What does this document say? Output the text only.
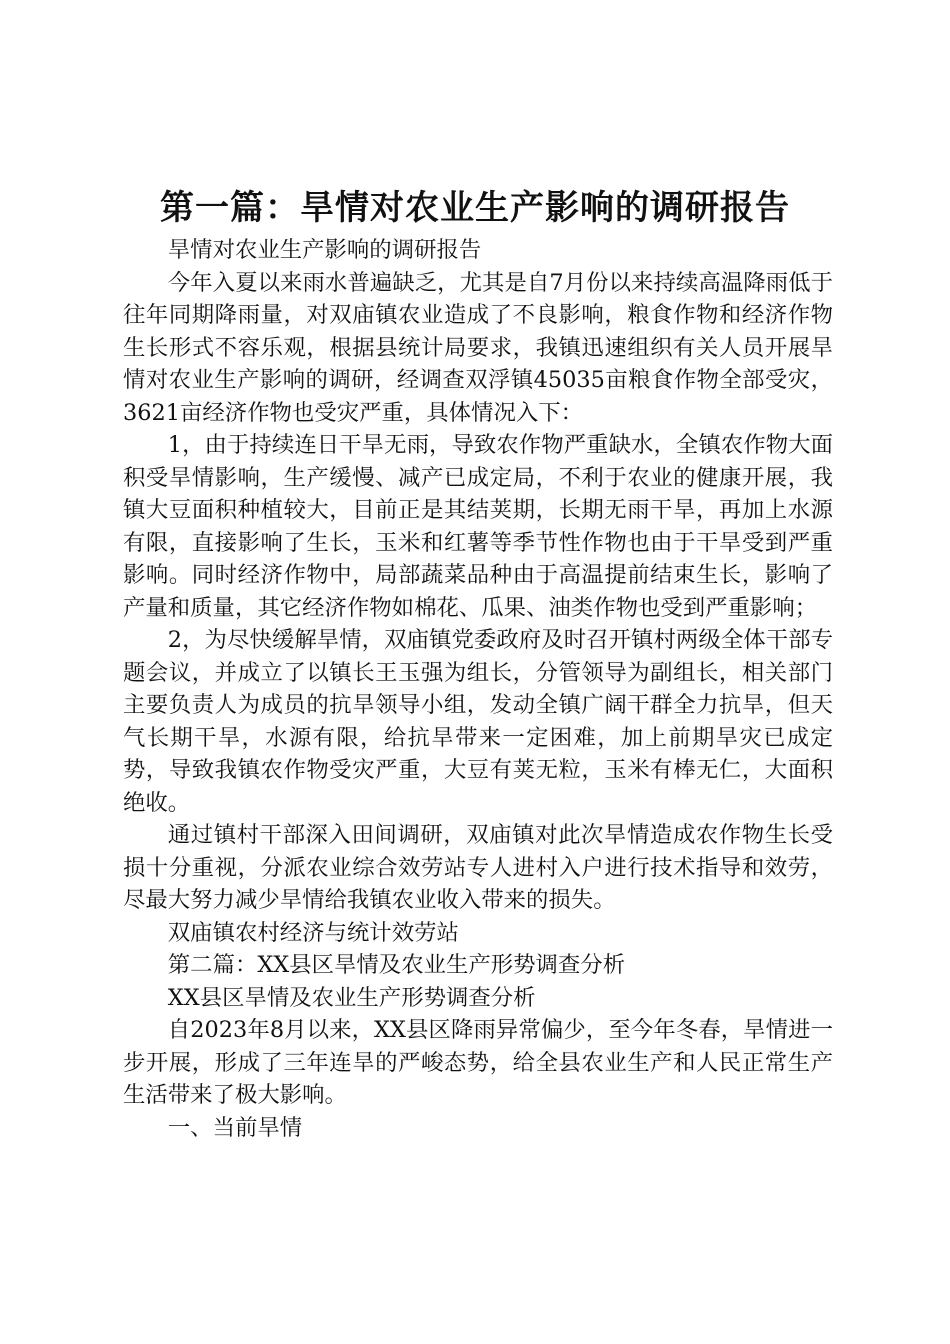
第一篇：旱情对农业生产影响的调研报告

旱情对农业生产影响的调研报告

今年入夏以来雨水普遍缺乏，尤其是自7月份以来持续高温降雨低于往年同期降雨量，对双庙镇农业造成了不良影响，粮食作物和经济作物生长形式不容乐观，根据县统计局要求，我镇迅速组织有关人员开展旱情对农业生产影响的调研，经调查双浮镇45035亩粮食作物全部受灾，3621亩经济作物也受灾严重，具体情况入下：

1，由于持续连日干旱无雨，导致农作物严重缺水，全镇农作物大面积受旱情影响，生产缓慢、减产已成定局，不利于农业的健康开展，我镇大豆面积种植较大，目前正是其结荚期，长期无雨干旱，再加上水源有限，直接影响了生长，玉米和红薯等季节性作物也由于干旱受到严重影响。同时经济作物中，局部蔬菜品种由于高温提前结束生长，影响了产量和质量，其它经济作物如棉花、瓜果、油类作物也受到严重影响；

2，为尽快缓解旱情，双庙镇党委政府及时召开镇村两级全体干部专题会议，并成立了以镇长王玉强为组长，分管领导为副组长，相关部门主要负责人为成员的抗旱领导小组，发动全镇广阔干群全力抗旱，但天气长期干旱，水源有限，给抗旱带来一定困难，加上前期旱灾已成定势，导致我镇农作物受灾严重，大豆有荚无粒，玉米有棒无仁，大面积绝收。

通过镇村干部深入田间调研，双庙镇对此次旱情造成农作物生长受损十分重视，分派农业综合效劳站专人进村入户进行技术指导和效劳，尽最大努力减少旱情给我镇农业收入带来的损失。

双庙镇农村经济与统计效劳站

第二篇：XX县区旱情及农业生产形势调查分析

XX县区旱情及农业生产形势调查分析

自2023年8月以来，XX县区降雨异常偏少，至今年冬春，旱情进一步开展，形成了三年连旱的严峻态势，给全县农业生产和人民正常生产生活带来了极大影响。

一、当前旱情
